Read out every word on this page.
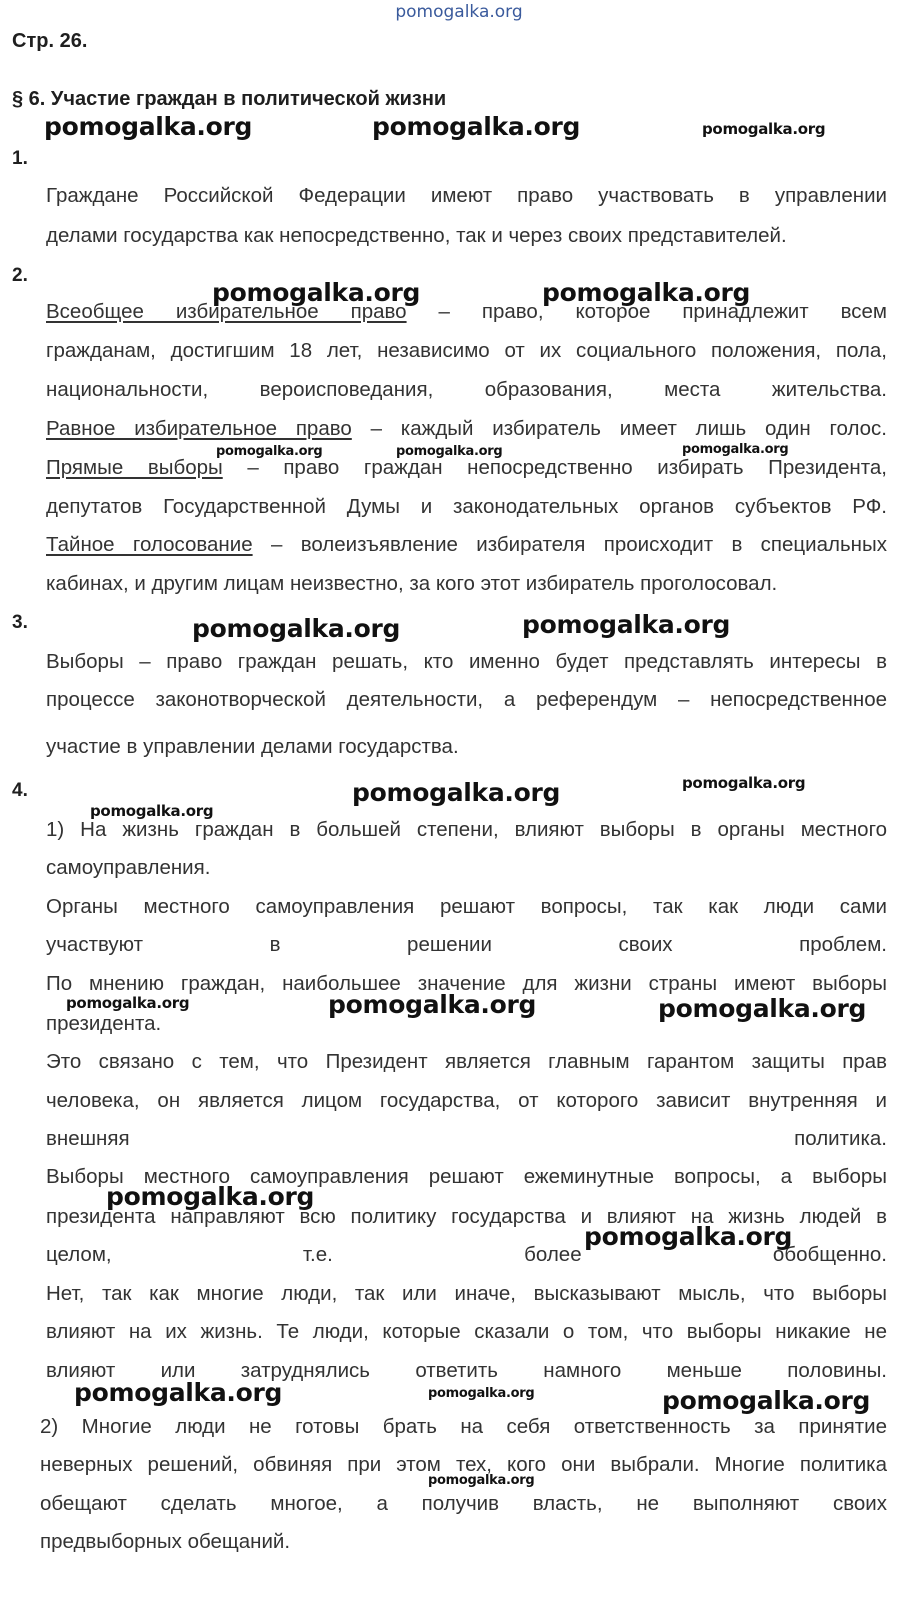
pomogalka.org
Стр. 26.
§ 6. Участие граждан в политической жизни
1.
Граждане Российской Федерации имеют право участвовать в управлении
делами государства как непосредственно, так и через своих представителей.
2.
Всеобщее избирательное право – право, которое принадлежит всем
гражданам, достигшим 18 лет, независимо от их социального положения, пола,
национальности, вероисповедания, образования, места жительства.
Равное избирательное право – каждый избиратель имеет лишь один голос.
Прямые выборы – право граждан непосредственно избирать Президента,
депутатов Государственной Думы и законодательных органов субъектов РФ.
Тайное голосование – волеизъявление избирателя происходит в специальных
кабинах, и другим лицам неизвестно, за кого этот избиратель проголосовал.
3.
Выборы – право граждан решать, кто именно будет представлять интересы в
процессе законотворческой деятельности, а референдум – непосредственное
участие в управлении делами государства.
4.
1) На жизнь граждан в большей степени, влияют выборы в органы местного
самоуправления.
Органы местного самоуправления решают вопросы, так как люди сами
участвуют в решении своих проблем.
По мнению граждан, наибольшее значение для жизни страны имеют выборы
президента.
Это связано с тем, что Президент является главным гарантом защиты прав
человека, он является лицом государства, от которого зависит внутренняя и
внешняя политика.
Выборы местного самоуправления решают ежеминутные вопросы, а выборы
президента направляют всю политику государства и влияют на жизнь людей в
целом, т.е. более обобщенно.
Нет, так как многие люди, так или иначе, высказывают мысль, что выборы
влияют на их жизнь. Те люди, которые сказали о том, что выборы никакие не
влияют или затруднялись ответить намного меньше половины.
2) Многие люди не готовы брать на себя ответственность за принятие
неверных решений, обвиняя при этом тех, кого они выбрали. Многие политика
обещают сделать многое, а получив власть, не выполняют своих
предвыборных обещаний.
pomogalka.org	pomogalka.org	pomogalka.org
pomogalka.org	pomogalka.org
pomogalka.org	pomogalka.org	pomogalka.org
pomogalka.org	pomogalka.org
pomogalka.org	pomogalka.org
pomogalka.org
pomogalka.org	pomogalka.org	pomogalka.org
pomogalka.org
pomogalka.org
pomogalka.org	pomogalka.org	pomogalka.org
pomogalka.org
